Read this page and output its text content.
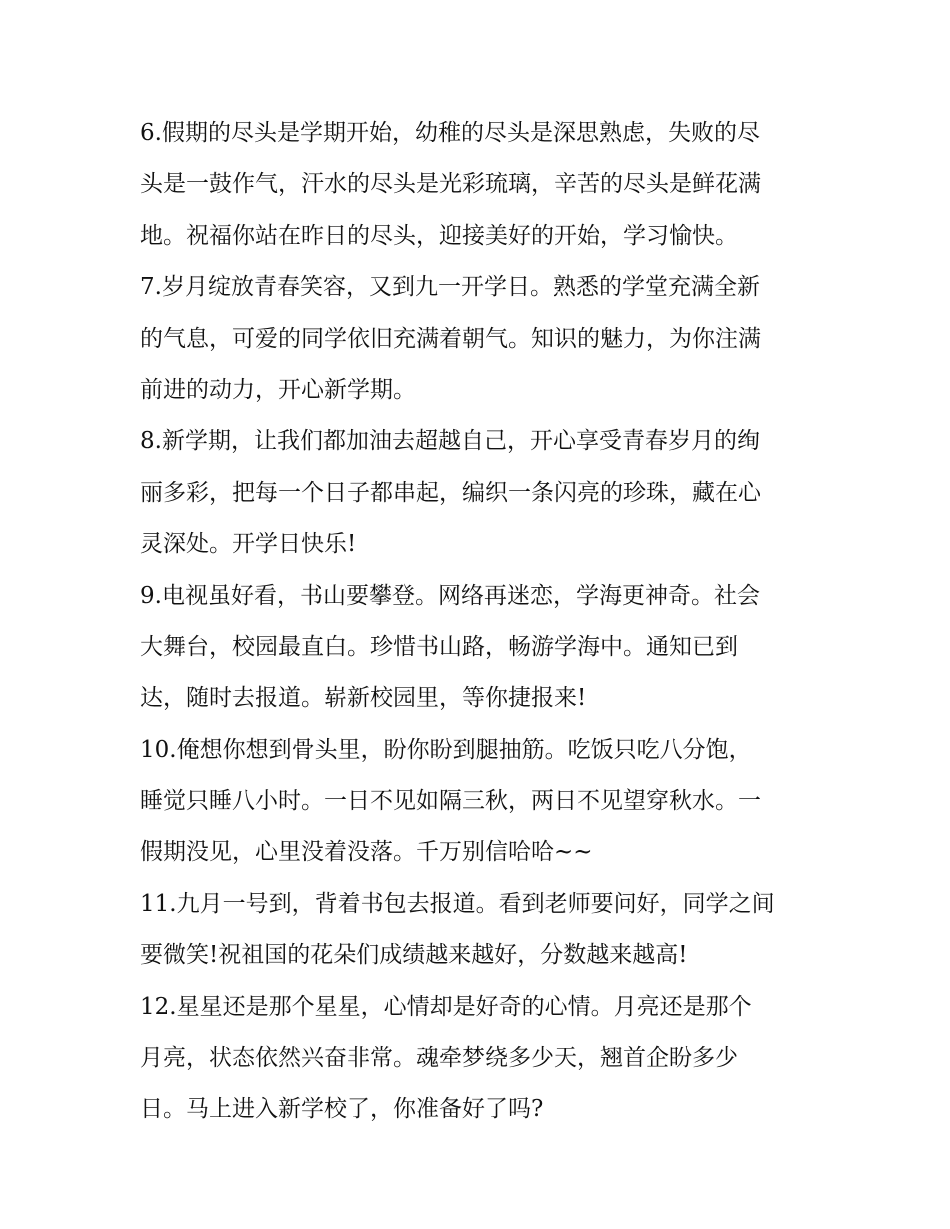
6.假期的尽头是学期开始，幼稚的尽头是深思熟虑，失败的尽
头是一鼓作气，汗水的尽头是光彩琉璃，辛苦的尽头是鲜花满
地。祝福你站在昨日的尽头，迎接美好的开始，学习愉快。
7.岁月绽放青春笑容，又到九一开学日。熟悉的学堂充满全新
的气息，可爱的同学依旧充满着朝气。知识的魅力，为你注满
前进的动力，开心新学期。
8.新学期，让我们都加油去超越自己，开心享受青春岁月的绚
丽多彩，把每一个日子都串起，编织一条闪亮的珍珠，藏在心
灵深处。开学日快乐!
9.电视虽好看，书山要攀登。网络再迷恋，学海更神奇。社会
大舞台，校园最直白。珍惜书山路，畅游学海中。通知已到
达，随时去报道。崭新校园里，等你捷报来!
10.俺想你想到骨头里，盼你盼到腿抽筋。吃饭只吃八分饱，
睡觉只睡八小时。一日不见如隔三秋，两日不见望穿秋水。一
假期没见，心里没着没落。千万别信哈哈~~
11.九月一号到，背着书包去报道。看到老师要问好，同学之间
要微笑!祝祖国的花朵们成绩越来越好，分数越来越高!
12.星星还是那个星星，心情却是好奇的心情。月亮还是那个
月亮，状态依然兴奋非常。魂牵梦绕多少天，翘首企盼多少
日。马上进入新学校了，你准备好了吗?
